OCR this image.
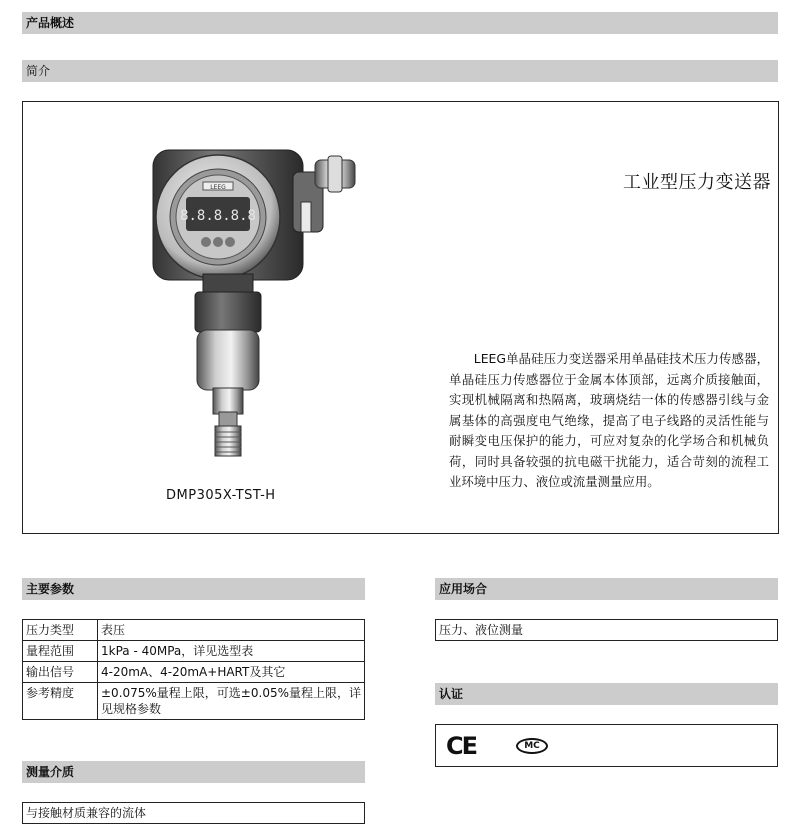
产品概述
简介
8.8.8.8.8
LEEG
DMP305X-TST-H
工业型压力变送器
LEEG单晶硅压力变送器采用单晶硅技术压力传感器，单晶硅压力传感器位于金属本体顶部，远离介质接触面，实现机械隔离和热隔离，玻璃烧结一体的传感器引线与金属基体的高强度电气绝缘，提高了电子线路的灵活性能与耐瞬变电压保护的能力，可应对复杂的化学场合和机械负荷，同时具备较强的抗电磁干扰能力，适合苛刻的流程工业环境中压力、液位或流量测量应用。
主要参数
压力类型	表压
量程范围	1kPa - 40MPa，详见选型表
输出信号	4-20mA、4-20mA+HART及其它
参考精度	±0.075%量程上限，可选±0.05%量程上限，详见规格参数
测量介质
与接触材质兼容的流体
应用场合
压力、液位测量
认证
CE	MC
